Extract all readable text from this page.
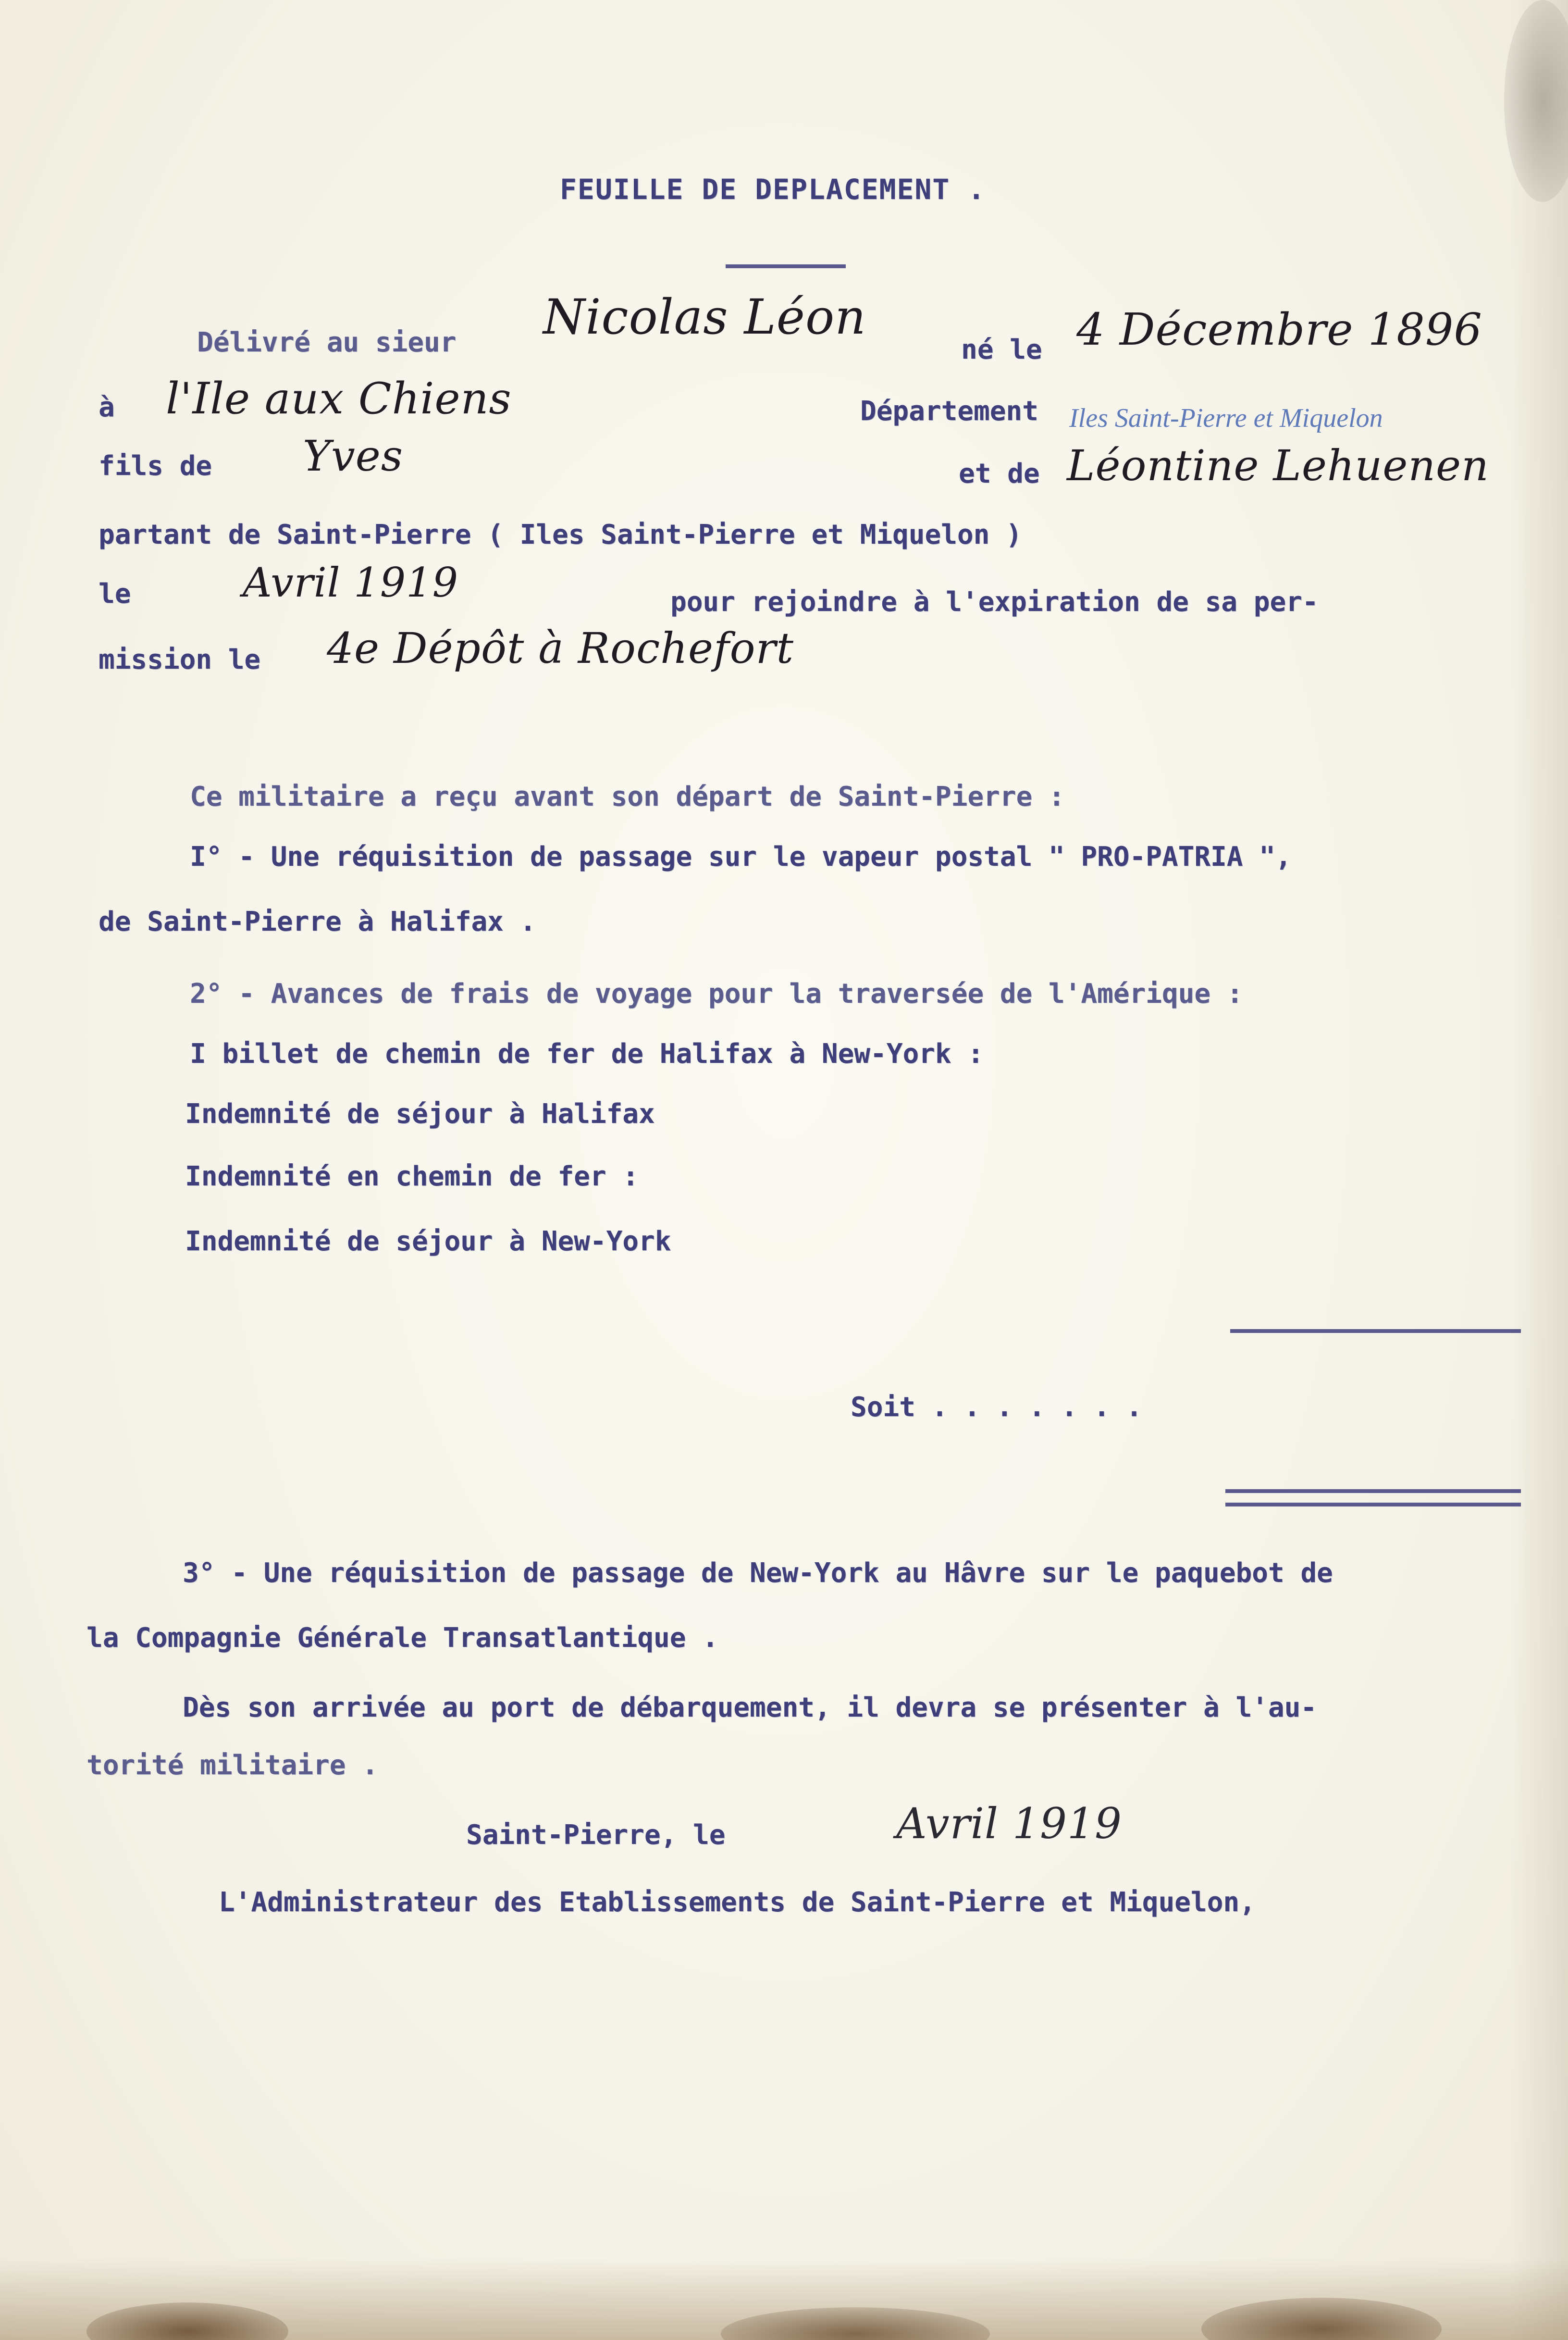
FEUILLE DE DEPLACEMENT .
Délivré au sieur Nicolas Léon
né le 4 Décembre 1896
à l'Ile aux Chiens	Département Iles Saint-Pierre et Miquelon
fils de Yves	et de Léontine Lehuenen
partant de Saint-Pierre ( Iles Saint-Pierre et Miquelon )
le	Avril 1919	pour rejoindre à l'expiration de sa per-
mission le 4e Dépôt à Rochefort
Ce militaire a reçu avant son départ de Saint-Pierre :
I° - Une réquisition de passage sur le vapeur postal " PRO-PATRIA ",
de Saint-Pierre à Halifax .
2° - Avances de frais de voyage pour la traversée de l'Amérique :
I billet de chemin de fer de Halifax à New-York :
Indemnité de séjour à Halifax
Indemnité en chemin de fer :
Indemnité de séjour à New-York
Soit . . . . . . .
3° - Une réquisition de passage de New-York au Hâvre sur le paquebot de
la Compagnie Générale Transatlantique .
Dès son arrivée au port de débarquement, il devra se présenter à l'au-
torité militaire .
Saint-Pierre, le	Avril 1919
L'Administrateur des Etablissements de Saint-Pierre et Miquelon,
